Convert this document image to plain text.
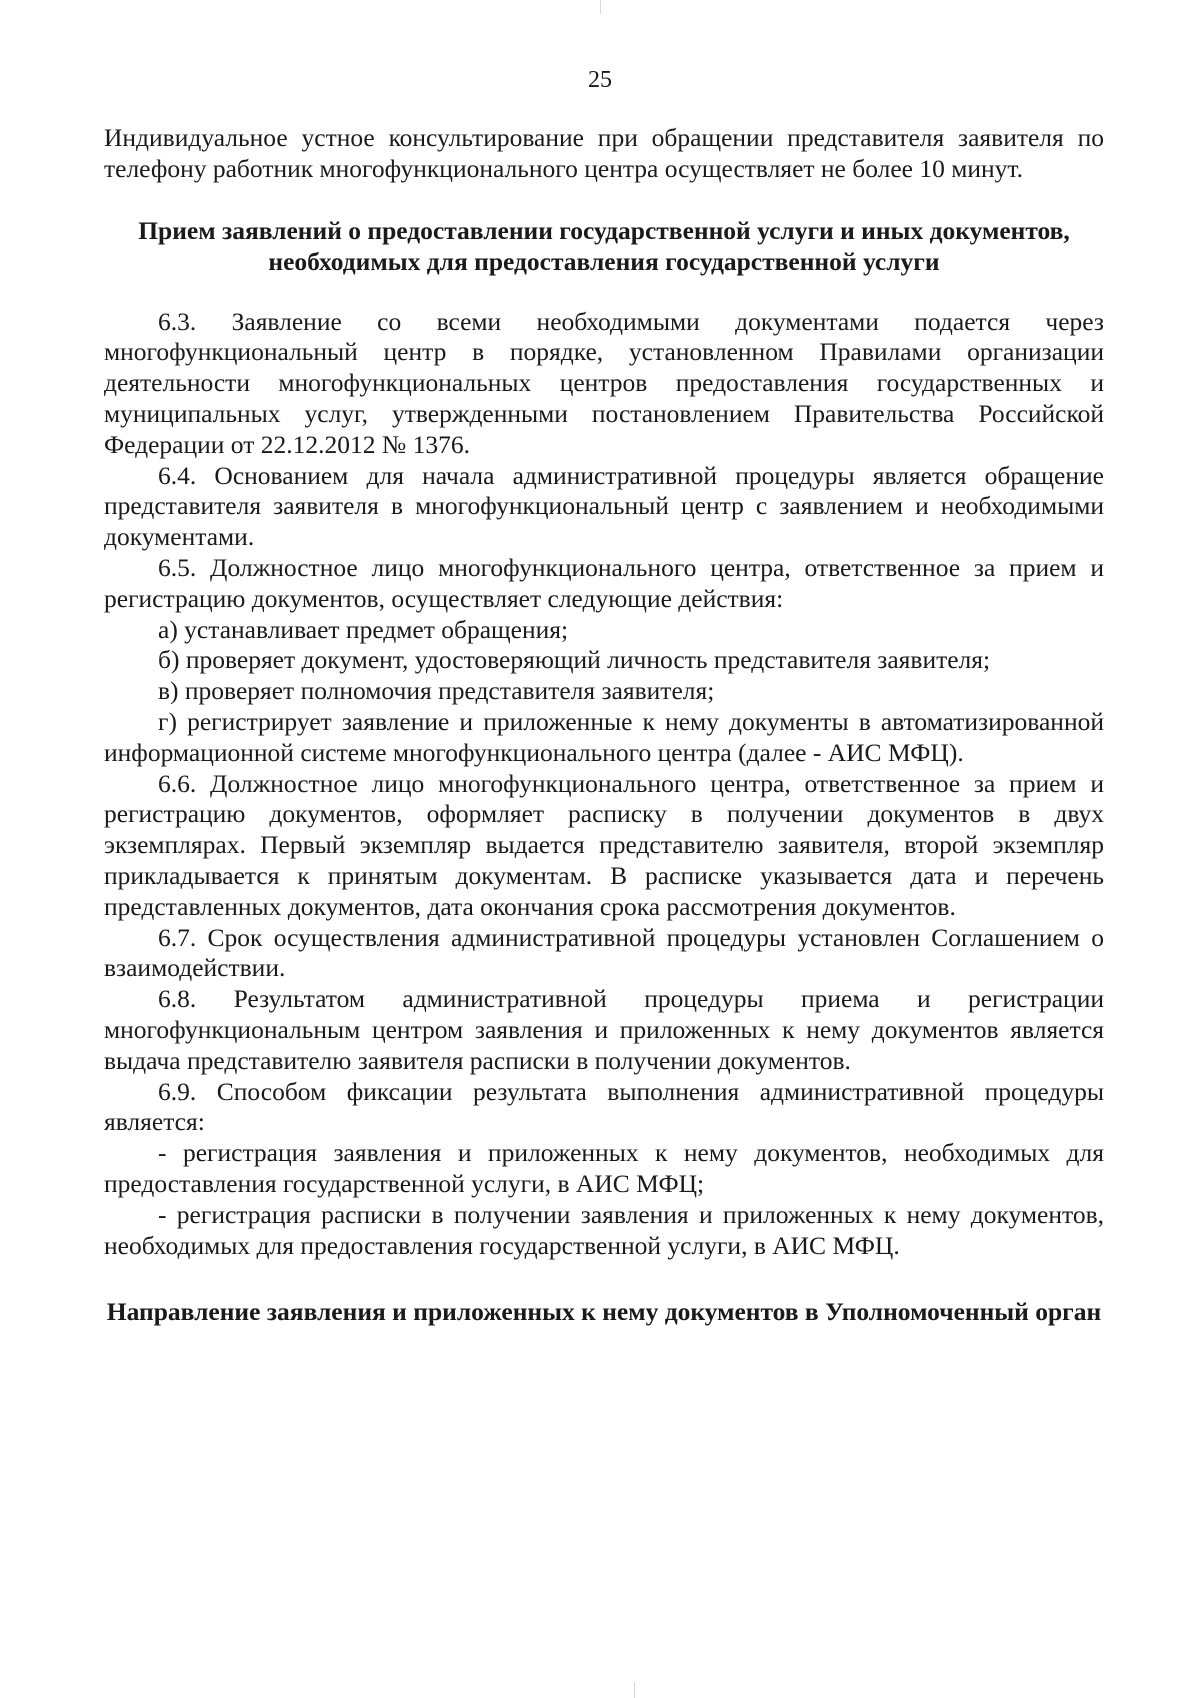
25

Индивидуальное устное консультирование при обращении представителя заявителя по телефону работник многофункционального центра осуществляет не более 10 минут.

Прием заявлений о предоставлении государственной услуги и иных документов, необходимых для предоставления государственной услуги

6.3. Заявление со всеми необходимыми документами подается через многофункциональный центр в порядке, установленном Правилами организации деятельности многофункциональных центров предоставления государственных и муниципальных услуг, утвержденными постановлением Правительства Российской Федерации от 22.12.2012 № 1376.

6.4. Основанием для начала административной процедуры является обращение представителя заявителя в многофункциональный центр с заявлением и необходимыми документами.

6.5. Должностное лицо многофункционального центра, ответственное за прием и регистрацию документов, осуществляет следующие действия:

а) устанавливает предмет обращения;

б) проверяет документ, удостоверяющий личность представителя заявителя;

в) проверяет полномочия представителя заявителя;

г) регистрирует заявление и приложенные к нему документы в автоматизированной информационной системе многофункционального центра (далее - АИС МФЦ).

6.6. Должностное лицо многофункционального центра, ответственное за прием и регистрацию документов, оформляет расписку в получении документов в двух экземплярах. Первый экземпляр выдается представителю заявителя, второй экземпляр прикладывается к принятым документам. В расписке указывается дата и перечень представленных документов, дата окончания срока рассмотрения документов.

6.7. Срок осуществления административной процедуры установлен Соглашением о взаимодействии.

6.8. Результатом административной процедуры приема и регистрации многофункциональным центром заявления и приложенных к нему документов является выдача представителю заявителя расписки в получении документов.

6.9. Способом фиксации результата выполнения административной процедуры является:

- регистрация заявления и приложенных к нему документов, необходимых для предоставления государственной услуги, в АИС МФЦ;

- регистрация расписки в получении заявления и приложенных к нему документов, необходимых для предоставления государственной услуги, в АИС МФЦ.

Направление заявления и приложенных к нему документов в Уполномоченный орган
